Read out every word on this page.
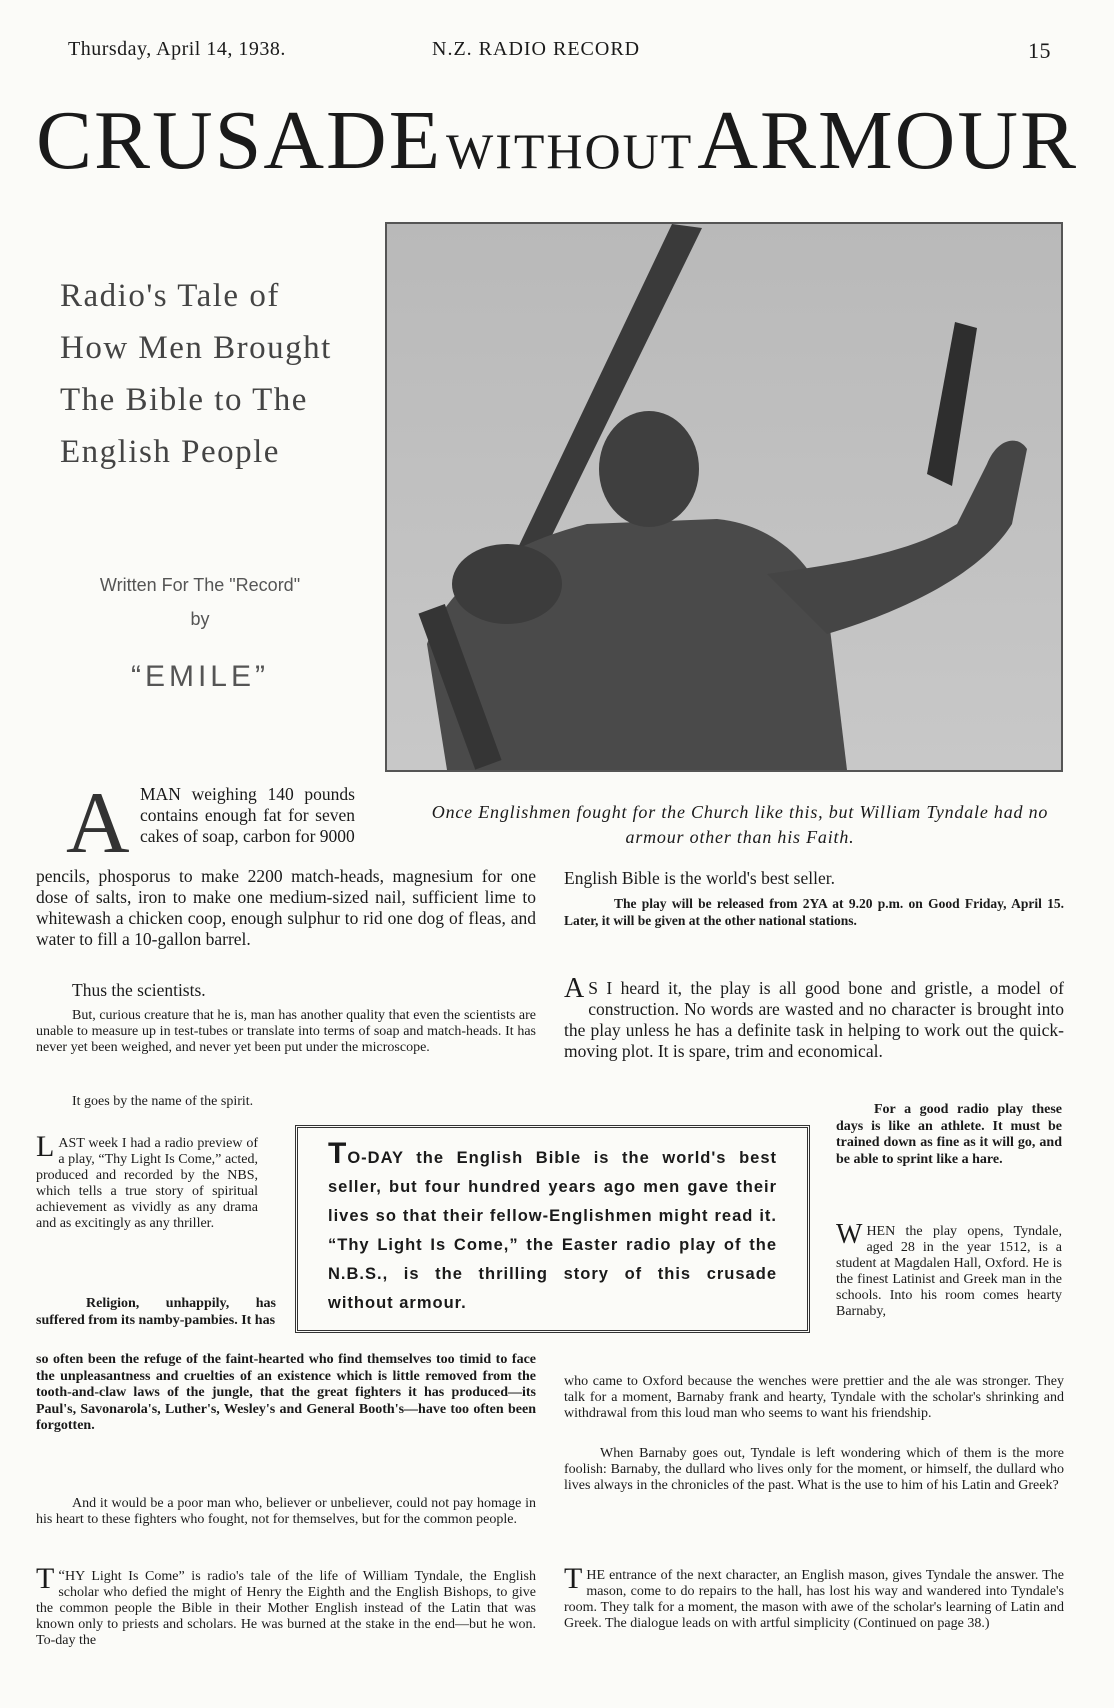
Thursday, April 14, 1938.	N.Z. RADIO RECORD	15
CRUSADE WITHOUT ARMOUR
Radio's Tale of
How Men Brought
The Bible to The
English People
Written For The "Record"
by
“EMILE”
Once Englishmen fought for the Church like this, but William Tyndale had no armour other than his Faith.
A MAN weighing 140 pounds contains enough fat for seven cakes of soap, carbon for 9000

pencils, phosporus to make 2200 match-heads, magnesium for one dose of salts, iron to make one medium-sized nail, sufficient lime to whitewash a chicken coop, enough sulphur to rid one dog of fleas, and water to fill a 10-gallon barrel.

Thus the scientists.
But, curious creature that he is, man has another quality that even the scientists are unable to measure up in test-tubes or translate into terms of soap and match-heads. It has never yet been weighed, and never yet been put under the microscope.
It goes by the name of the spirit.
LAST week I had a radio preview of a play, “Thy Light Is Come,” acted, produced and recorded by the NBS, which tells a true story of spiritual achievement as vividly as any drama and as excitingly as any thriller.
Religion, unhappily, has suffered from its namby-pambies. It has
so often been the refuge of the faint-hearted who find themselves too timid to face the unpleasantness and cruelties of an existence which is little removed from the tooth-and-claw laws of the jungle, that the great fighters it has produced—its Paul's, Savonarola's, Luther's, Wesley's and General Booth's—have too often been forgotten.
And it would be a poor man who, believer or unbeliever, could not pay homage in his heart to these fighters who fought, not for themselves, but for the common people.
“
T HY Light Is Come” is radio's tale of the life of William Tyndale, the English scholar who defied the might of Henry the Eighth and the English Bishops, to give the common people the Bible in their Mother English instead of the Latin that was known only to priests and scholars. He was burned at the stake in the end—but he won. To-day the
English Bible is the world's best seller.
The play will be released from 2YA at 9.20 p.m. on Good Friday, April 15. Later, it will be given at the other national stations.
A S I heard it, the play is all good bone and gristle, a model of construction. No words are wasted and no character is brought into the play unless he has a definite task in helping to work out the quick-moving plot. It is spare, trim and economical.
For a good radio play these days is like an athlete. It must be trained down as fine as it will go, and be able to sprint like a hare.
WHEN the play opens, Tyndale, aged 28 in the year 1512, is a student at Magdalen Hall, Oxford. He is the finest Latinist and Greek man in the schools. Into his room comes hearty Barnaby,
who came to Oxford because the wenches were prettier and the ale was stronger. They talk for a moment, Barnaby frank and hearty, Tyndale with the scholar's shrinking and withdrawal from this loud man who seems to want his friendship.
When Barnaby goes out, Tyndale is left wondering which of them is the more foolish: Barnaby, the dullard who lives only for the moment, or himself, the dullard who lives always in the chronicles of the past. What is the use to him of his Latin and Greek?
THE entrance of the next character, an English mason, gives Tyndale the answer. The mason, come to do repairs to the hall, has lost his way and wandered into Tyndale's room. They talk for a moment, the mason with awe of the scholar's learning of Latin and Greek. The dialogue leads on with artful simplicity (Continued on page 38.)

TO-DAY the English Bible is the world's best seller, but four hundred years ago men gave their lives so that their fellow-Englishmen might read it. “Thy Light Is Come,” the Easter radio play of the N.B.S., is the thrilling story of this crusade without armour.
